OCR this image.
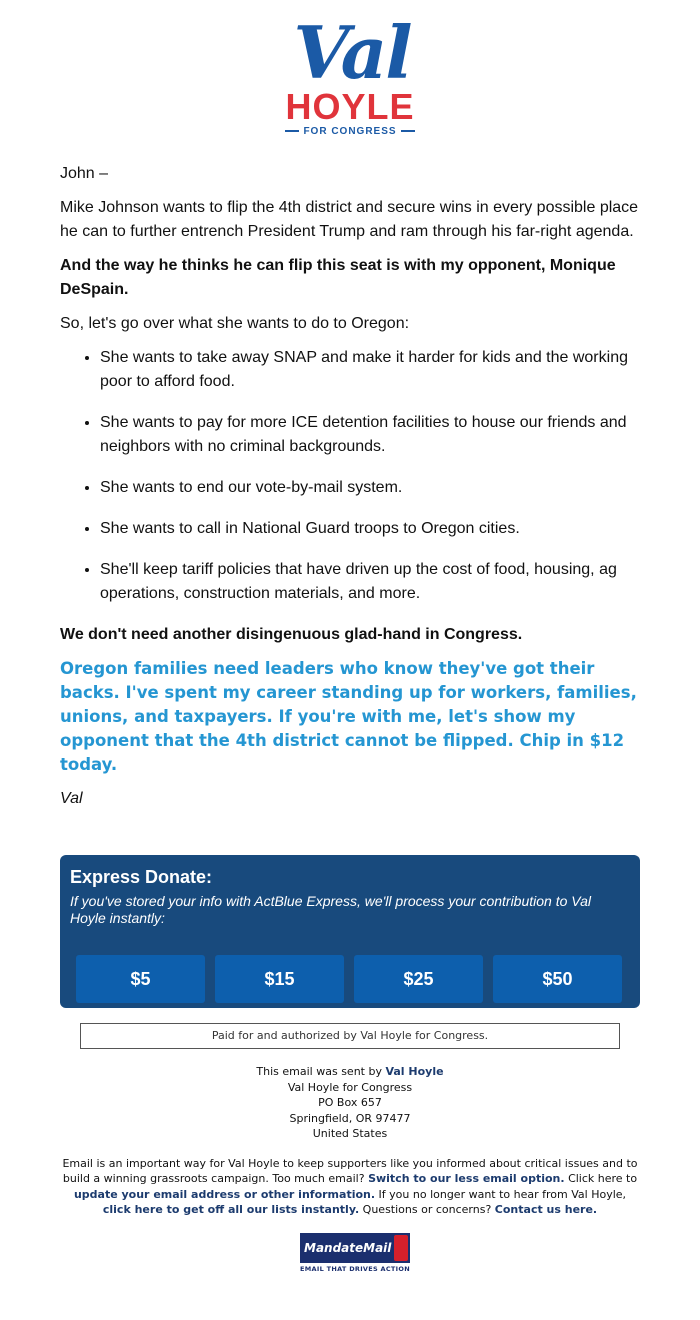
Val
HOYLE
FOR CONGRESS

John –

Mike Johnson wants to flip the 4th district and secure wins in every possible place he can to further entrench President Trump and ram through his far-right agenda.

And the way he thinks he can flip this seat is with my opponent, Monique DeSpain.

So, let's go over what she wants to do to Oregon:

• She wants to take away SNAP and make it harder for kids and the working poor to afford food.
• She wants to pay for more ICE detention facilities to house our friends and neighbors with no criminal backgrounds.
• She wants to end our vote-by-mail system.
• She wants to call in National Guard troops to Oregon cities.
• She'll keep tariff policies that have driven up the cost of food, housing, ag operations, construction materials, and more.

We don't need another disingenuous glad-hand in Congress.

Oregon families need leaders who know they've got their backs. I've spent my career standing up for workers, families, unions, and taxpayers. If you're with me, let's show my opponent that the 4th district cannot be flipped. Chip in $12 today.

Val

Express Donate:
If you've stored your info with ActBlue Express, we'll process your contribution to Val Hoyle instantly:
$5	$15	$25	$50
Paid for and authorized by Val Hoyle for Congress.
This email was sent by Val Hoyle
Val Hoyle for Congress
PO Box 657
Springfield, OR 97477
United States
Email is an important way for Val Hoyle to keep supporters like you informed about critical issues and to build a winning grassroots campaign. Too much email? Switch to our less email option. Click here to update your email address or other information. If you no longer want to hear from Val Hoyle, click here to get off all our lists instantly. Questions or concerns? Contact us here.
MandateMail
EMAIL THAT DRIVES ACTION
